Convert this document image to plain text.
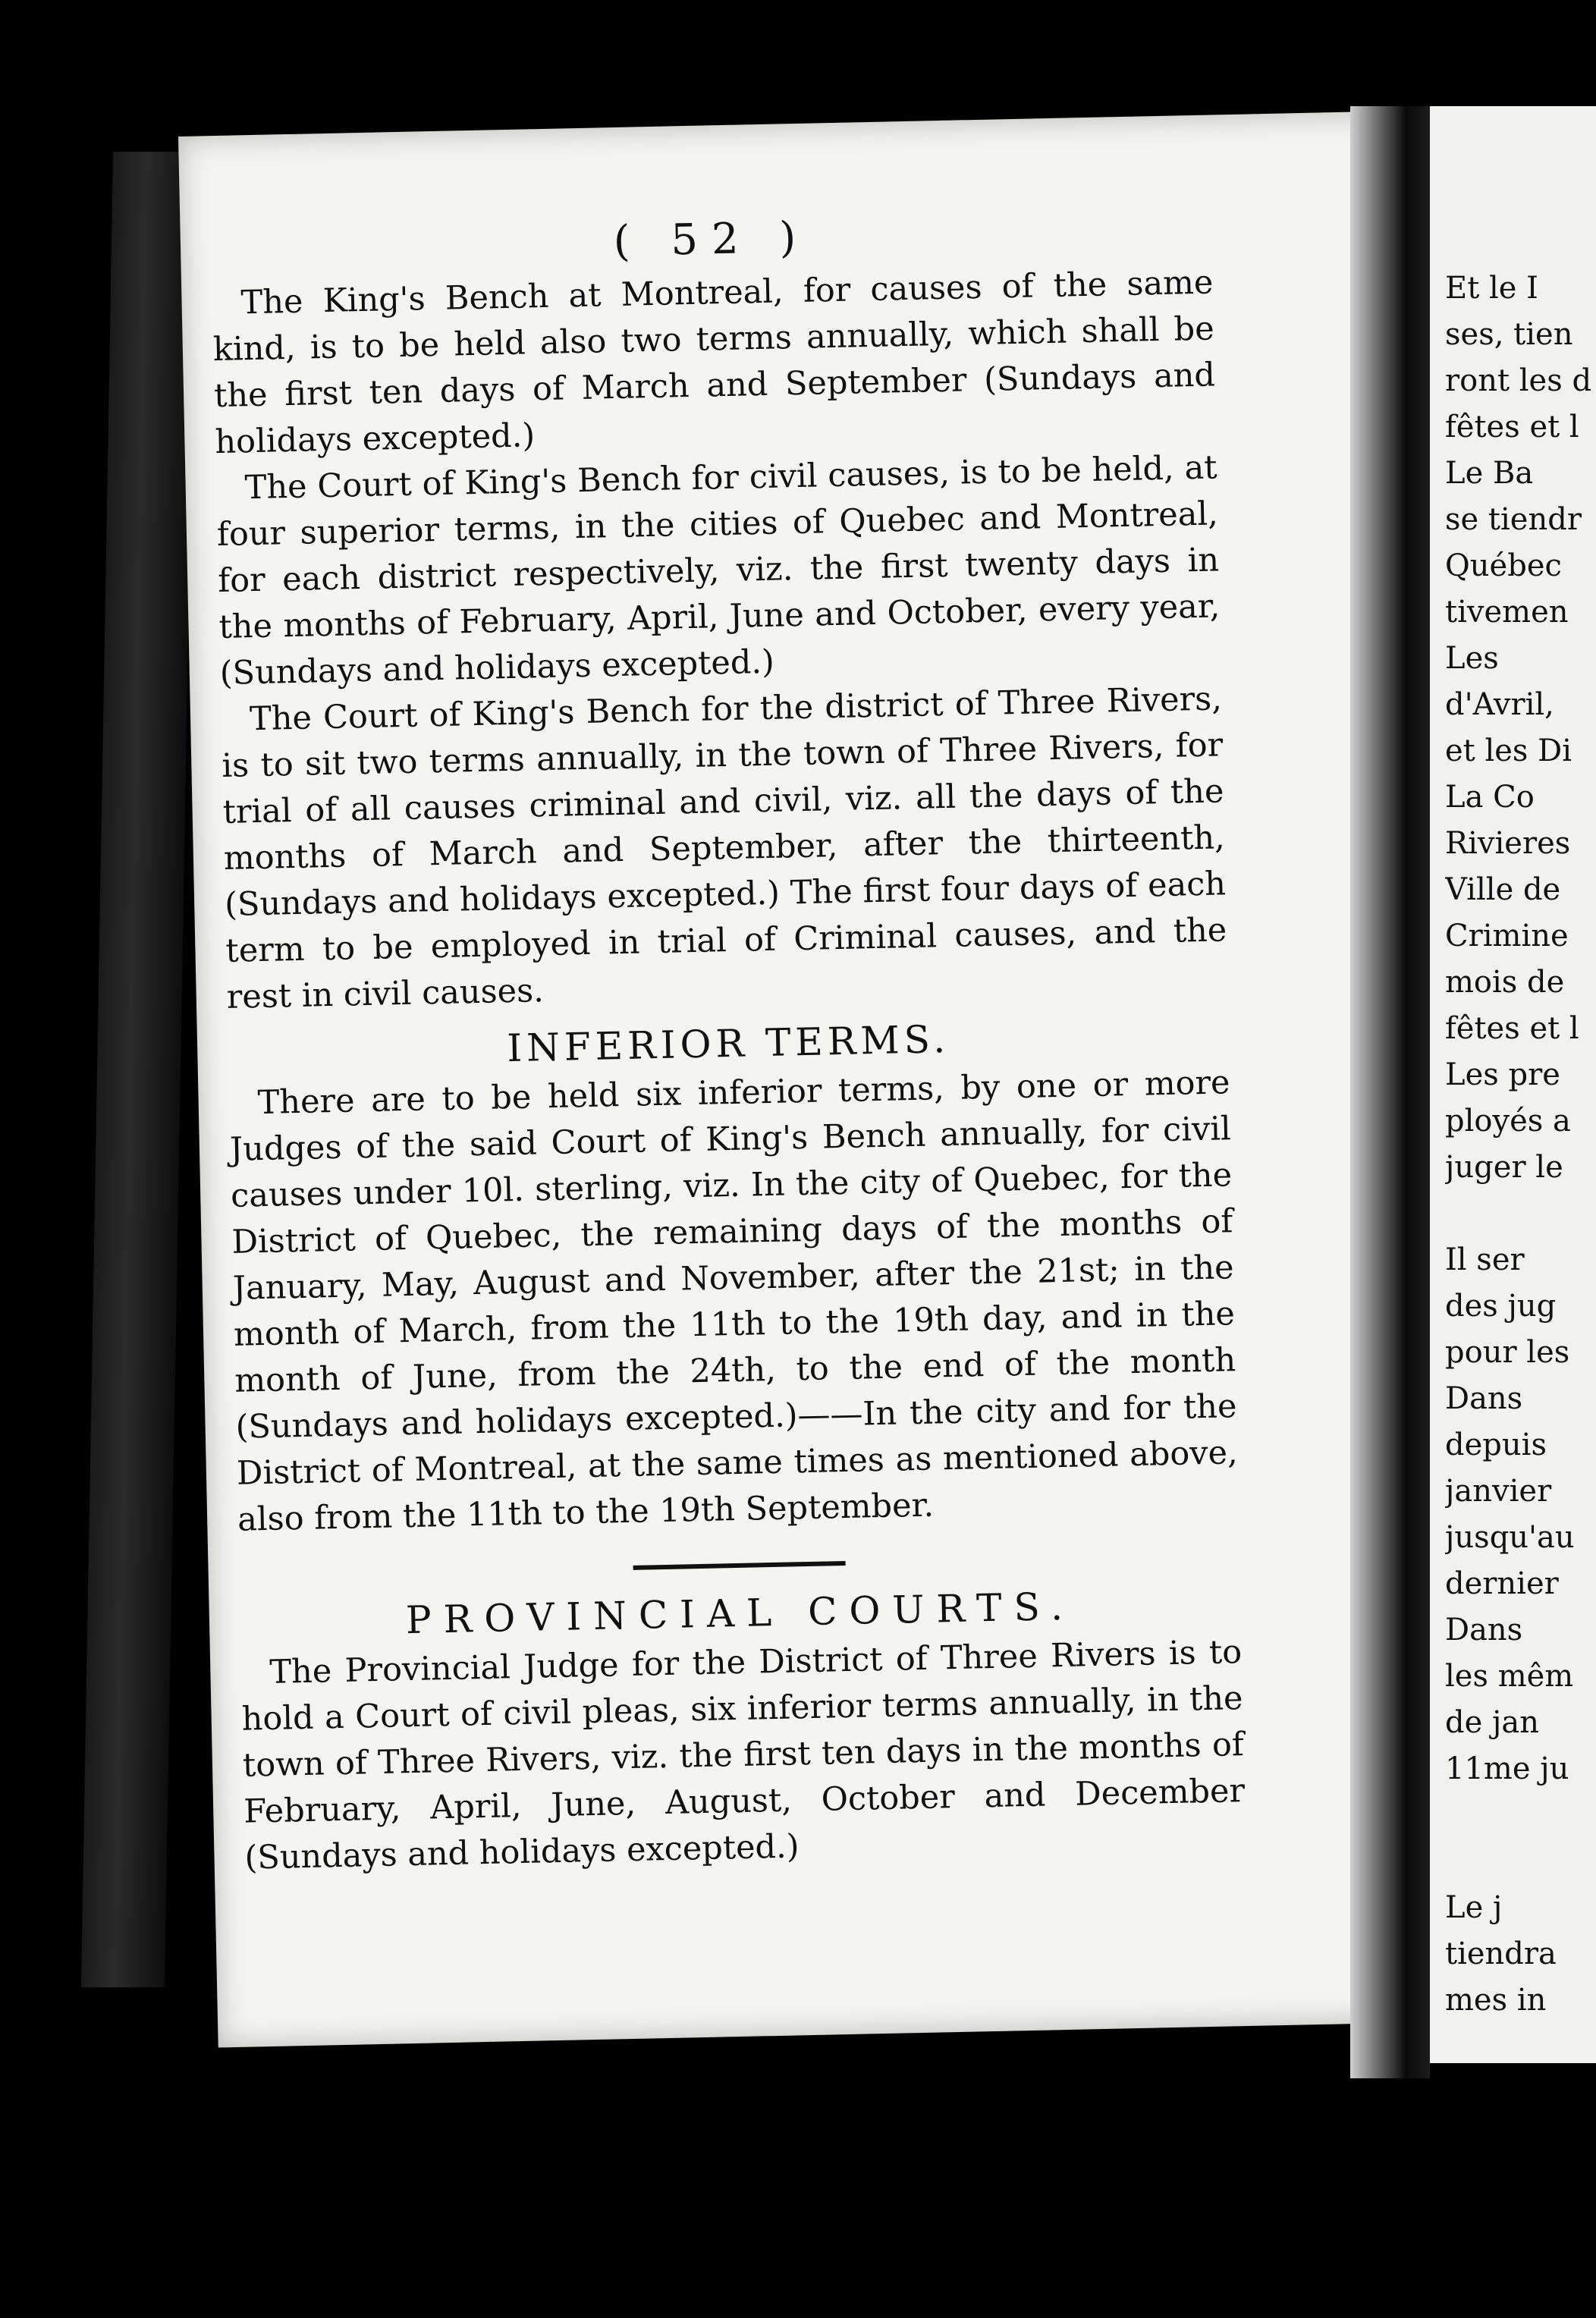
( 52 )

The King's Bench at Montreal, for causes of the same kind, is to be held also two terms annually, which shall be the first ten days of March and September (Sundays and holidays excepted.)

The Court of King's Bench for civil causes, is to be held, at four superior terms, in the cities of Quebec and Montreal, for each district respectively, viz. the first twenty days in the months of February, April, June and October, every year, (Sundays and holidays excepted.)

The Court of King's Bench for the district of Three Rivers, is to sit two terms annually, in the town of Three Rivers, for trial of all causes criminal and civil, viz. all the days of the months of March and September, after the thirteenth, (Sundays and holidays excepted.) The first four days of each term to be employed in trial of Criminal causes, and the rest in civil causes.

INFERIOR TERMS.

There are to be held six inferior terms, by one or more Judges of the said Court of King's Bench annually, for civil causes under 10l. sterling, viz. In the city of Quebec, for the District of Quebec, the remaining days of the months of January, May, August and November, after the 21st; in the month of March, from the 11th to the 19th day, and in the month of June, from the 24th, to the end of the month (Sundays and holidays excepted.)——In the city and for the District of Montreal, at the same times as mentioned above, also from the 11th to the 19th September.

PROVINCIAL COURTS.

The Provincial Judge for the District of Three Rivers is to hold a Court of civil pleas, six inferior terms annually, in the town of Three Rivers, viz. the first ten days in the months of February, April, June, August, October and December (Sundays and holidays excepted.)

Et le I
ses, tien
ront les d
fêtes et l
Le Ba
se tiendr
Québec
tivemen
Les
d'Avril,
et les Di
La Co
Rivieres
Ville de
Crimine
mois de
fêtes et l
Les pre
ployés a
juger le
Il ser
des jug
pour les
Dans
depuis
janvier
jusqu'au
dernier
Dans
les mêm
de jan
11me ju
Le j
tiendra
mes in
